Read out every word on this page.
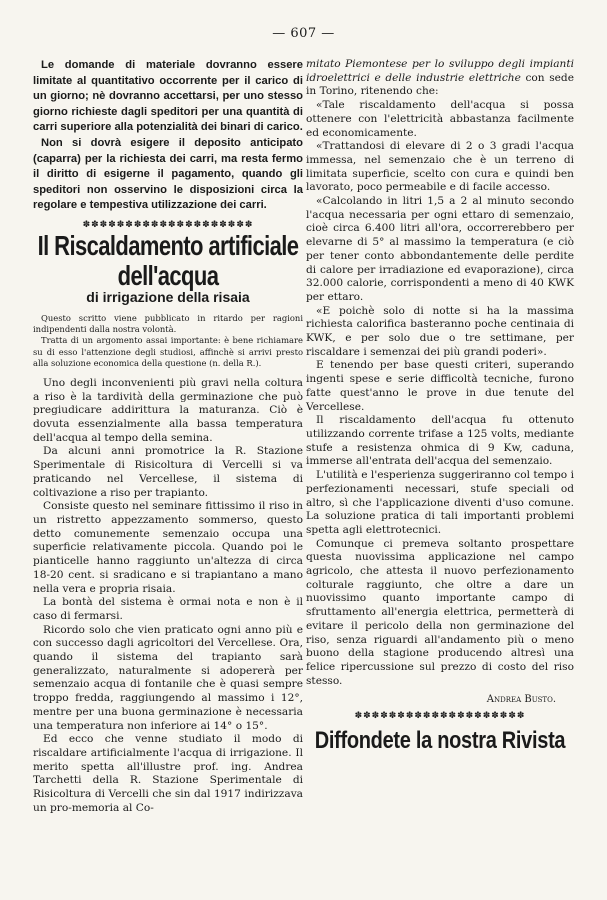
— 607 —

Le domande di materiale dovranno essere limitate al quantitativo occorrente per il carico di un giorno; nè dovranno accettarsi, per uno stesso giorno richieste dagli speditori per una quantità di carri superiore alla potenzialità dei binari di carico.

Non si dovrà esigere il deposito anticipato (caparra) per la richiesta dei carri, ma resta fermo il diritto di esigerne il pagamento, quando gli speditori non osservino le disposizioni circa la regolare e tempestiva utilizzazione dei carri.

✽✽✽✽✽✽✽✽✽✽✽✽✽✽✽✽✽✽✽✽
Il Riscaldamento artificiale dell'acqua
di irrigazione della risaia

Questo scritto viene pubblicato in ritardo per ragioni indipendenti dalla nostra volontà.

Tratta di un argomento assai importante: è bene richiamare su di esso l'attenzione degli studiosi, affinchè si arrivi presto alla soluzione economica della questione (n. della R.).

Uno degli inconvenienti più gravi nella coltura a riso è la tardività della germinazione che può pregiudicare addirittura la maturanza. Ciò è dovuta essenzialmente alla bassa temperatura dell'acqua al tempo della semina.

Da alcuni anni promotrice la R. Stazione Sperimentale di Risicoltura di Vercelli si va praticando nel Vercellese, il sistema di coltivazione a riso per trapianto.

Consiste questo nel seminare fittissimo il riso in un ristretto appezzamento sommerso, questo detto comunemente semenzaio occupa una superficie relativamente piccola. Quando poi le pianticelle hanno raggiunto un'altezza di circa 18-20 cent. si sradicano e si trapiantano a mano nella vera e propria risaia.

La bontà del sistema è ormai nota e non è il caso di fermarsi.

Ricordo solo che vien praticato ogni anno più e con successo dagli agricoltori del Vercellese. Ora, quando il sistema del trapianto sarà generalizzato, naturalmente si adopererà per semenzaio acqua di fontanile che è quasi sempre troppo fredda, raggiungendo al massimo i 12°, mentre per una buona germinazione è necessaria una temperatura non inferiore ai 14° o 15°.

Ed ecco che venne studiato il modo di riscaldare artificialmente l'acqua di irrigazione. Il merito spetta all'illustre prof. ing. Andrea Tarchetti della R. Stazione Sperimentale di Risicoltura di Vercelli che sin dal 1917 indirizzava un pro-memoria al Co-

mitato Piemontese per lo sviluppo degli impianti idroelettrici e delle industrie elettriche con sede in Torino, ritenendo che:

«Tale riscaldamento dell'acqua si possa ottenere con l'elettricità abbastanza facilmente ed economicamente.

«Trattandosi di elevare di 2 o 3 gradi l'acqua immessa, nel semenzaio che è un terreno di limitata superficie, scelto con cura e quindi ben lavorato, poco permeabile e di facile accesso.

«Calcolando in litri 1,5 a 2 al minuto secondo l'acqua necessaria per ogni ettaro di semenzaio, cioè circa 6.400 litri all'ora, occorrerebbero per elevarne di 5° al massimo la temperatura (e ciò per tener conto abbondantemente delle perdite di calore per irradiazione ed evaporazione), circa 32.000 calorie, corrispondenti a meno di 40 KWK per ettaro.

«E poichè solo di notte si ha la massima richiesta calorifica basteranno poche centinaia di KWK, e per solo due o tre settimane, per riscaldare i semenzai dei più grandi poderi».

E tenendo per base questi criteri, superando ingenti spese e serie difficoltà tecniche, furono fatte quest'anno le prove in due tenute del Vercellese.

Il riscaldamento dell'acqua fu ottenuto utilizzando corrente trifase a 125 volts, mediante stufe a resistenza ohmica di 9 Kw, caduna, immerse all'entrata dell'acqua del semenzaio.

L'utilità e l'esperienza suggeriranno col tempo i perfezionamenti necessari, stufe speciali od altro, sì che l'applicazione diventi d'uso comune. La soluzione pratica di tali importanti problemi spetta agli elettrotecnici.

Comunque ci premeva soltanto prospettare questa nuovissima applicazione nel campo agricolo, che attesta il nuovo perfezionamento colturale raggiunto, che oltre a dare un nuovissimo quanto importante campo di sfruttamento all'energia elettrica, permetterà di evitare il pericolo della non germinazione del riso, senza riguardi all'andamento più o meno buono della stagione producendo altresì una felice ripercussione sul prezzo di costo del riso stesso.

Andrea Busto.
✽✽✽✽✽✽✽✽✽✽✽✽✽✽✽✽✽✽✽✽
Diffondete la nostra Rivista
